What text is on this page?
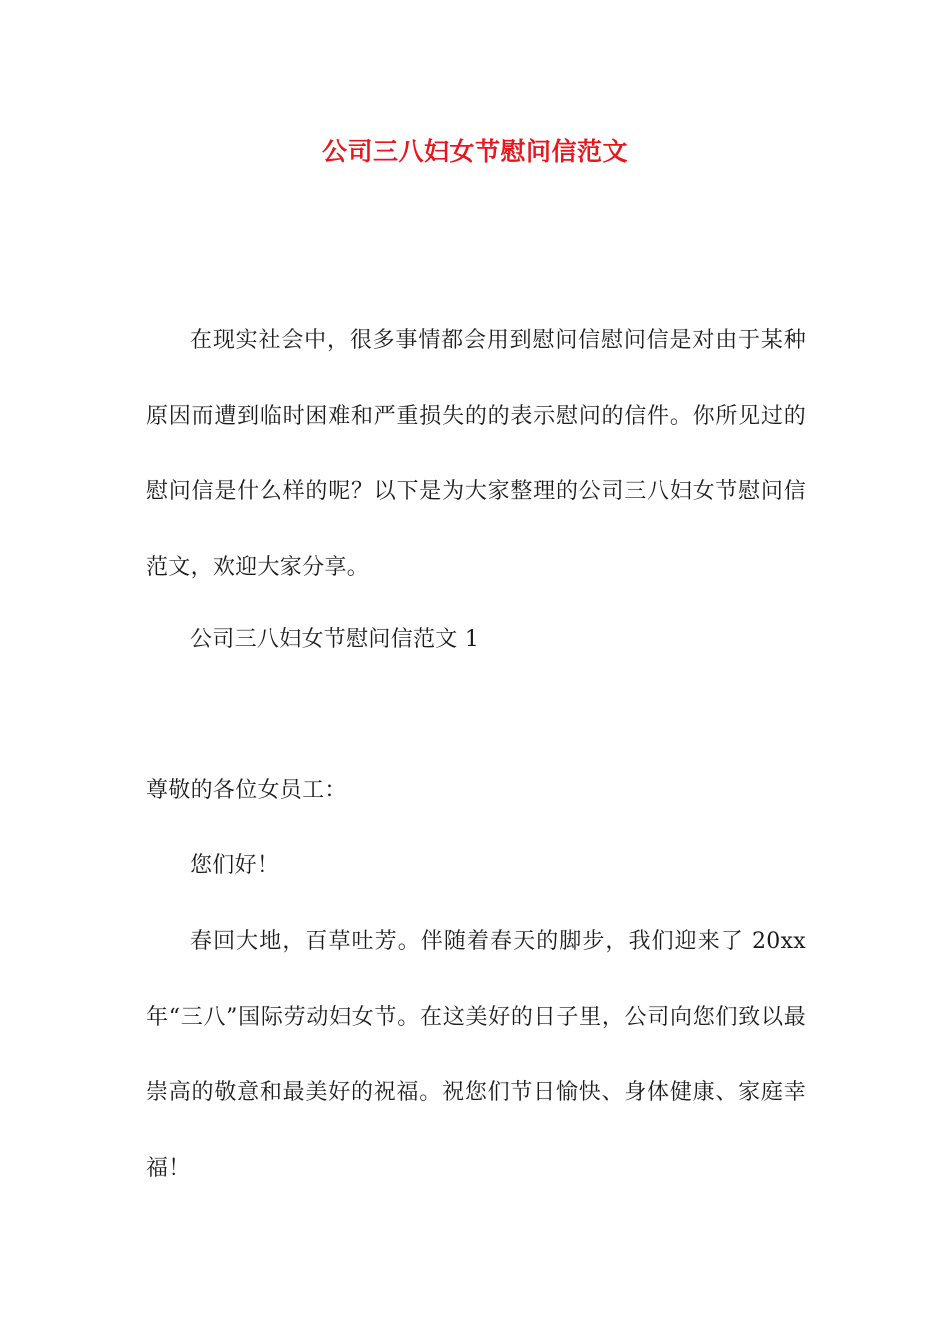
公司三八妇女节慰问信范文
在现实社会中，很多事情都会用到慰问信慰问信是对由于某种原因而遭到临时困难和严重损失的的表示慰问的信件。你所见过的慰问信是什么样的呢？以下是为大家整理的公司三八妇女节慰问信范文，欢迎大家分享。
公司三八妇女节慰问信范文 1
尊敬的各位女员工：
您们好！
春回大地，百草吐芳。伴随着春天的脚步，我们迎来了 20xx 年“三八”国际劳动妇女节。在这美好的日子里，公司向您们致以最崇高的敬意和最美好的祝福。祝您们节日愉快、身体健康、家庭幸福！
